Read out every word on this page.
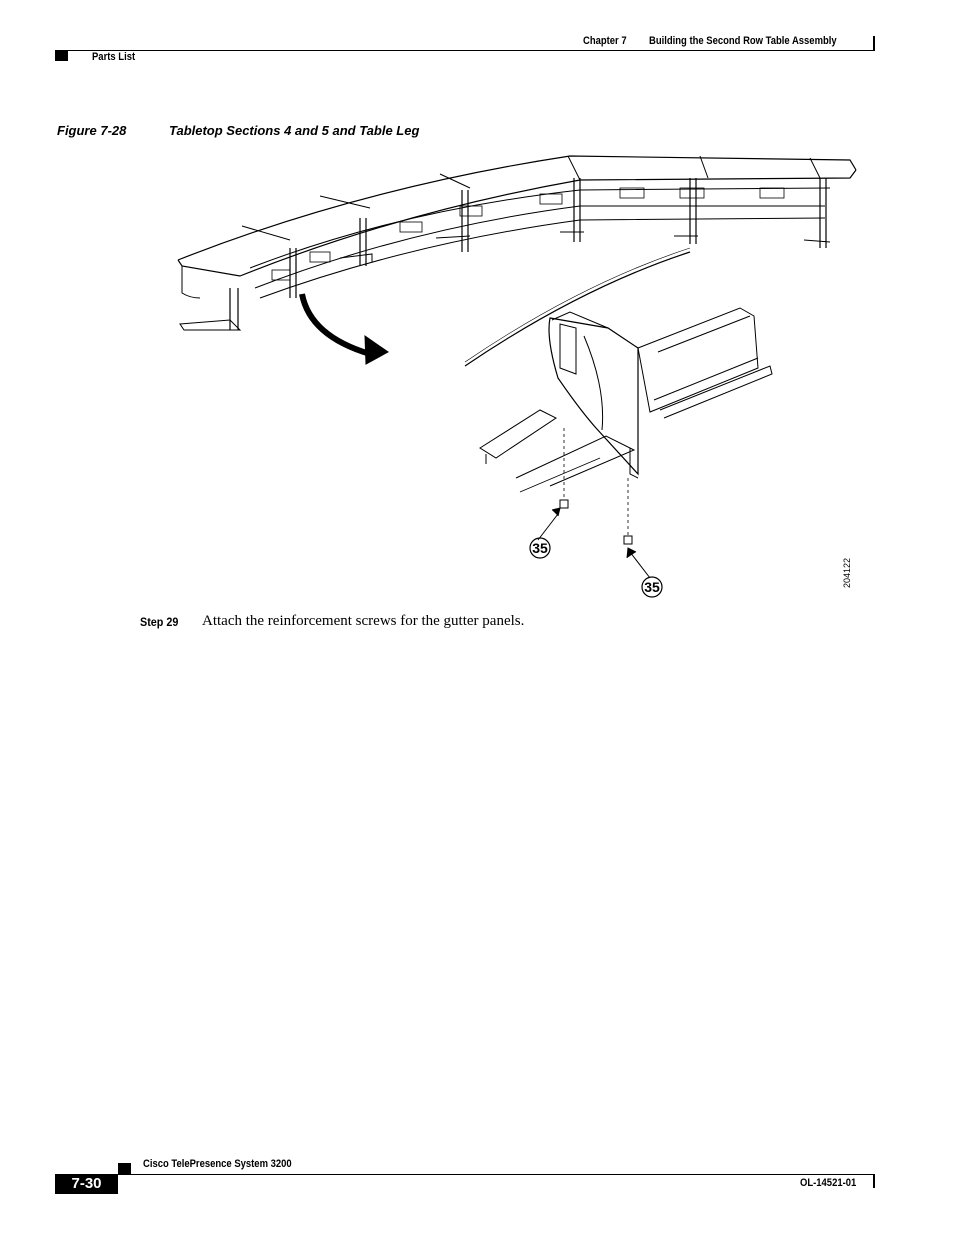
Chapter 7 Building the Second Row Table Assembly
Parts List
Figure 7-28	Tabletop Sections 4 and 5 and Table Leg
35
35	204122
Step 29 Attach the reinforcement screws for the gutter panels.
7-30
Cisco TelePresence System 3200
OL-14521-01
